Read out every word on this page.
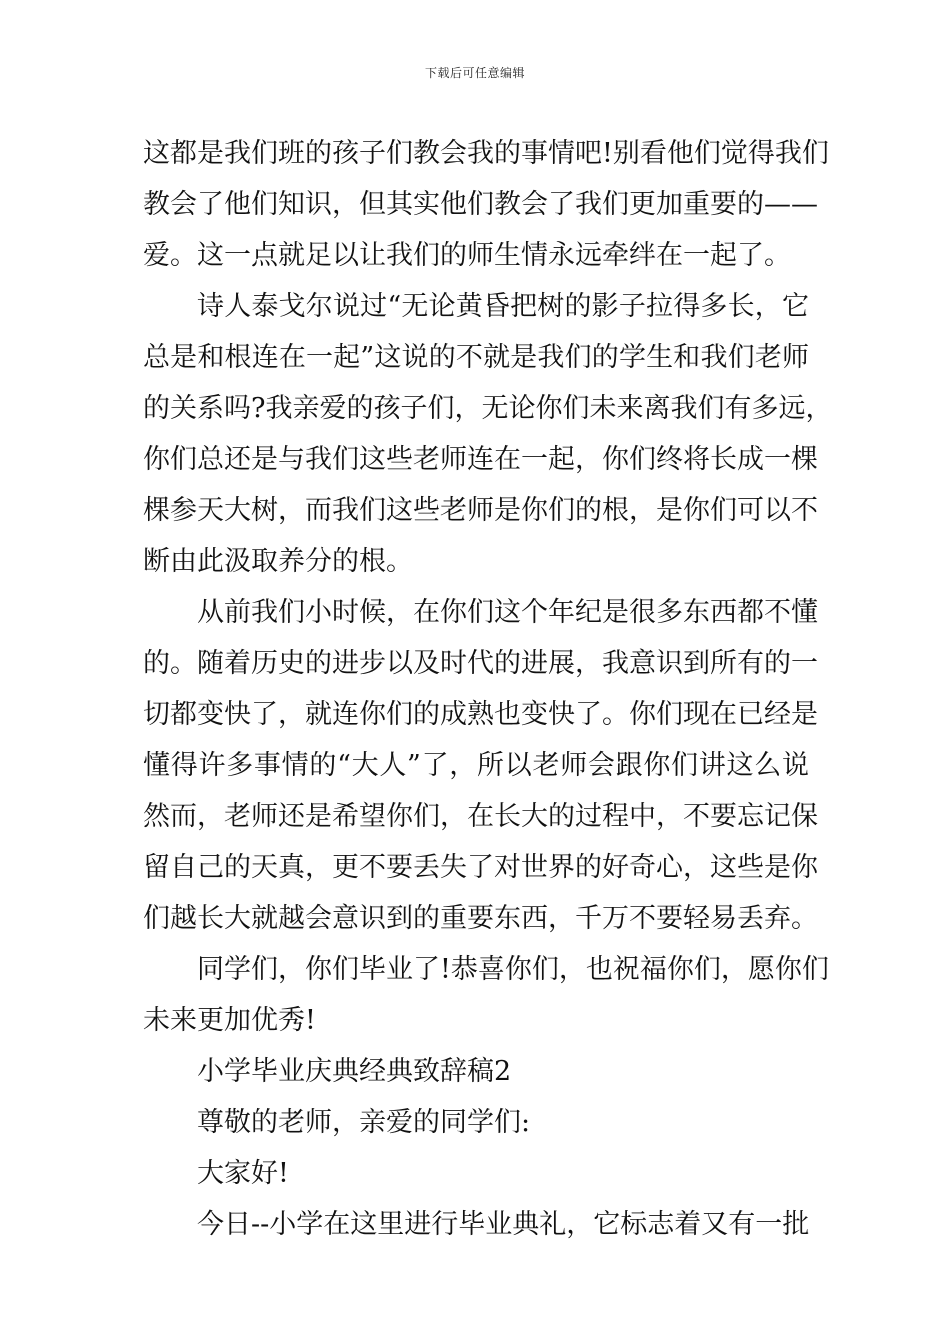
下载后可任意编辑
这都是我们班的孩子们教会我的事情吧!别看他们觉得我们
教会了他们知识，但其实他们教会了我们更加重要的——
爱。这一点就足以让我们的师生情永远牵绊在一起了。
诗人泰戈尔说过“无论黄昏把树的影子拉得多长，它
总是和根连在一起”这说的不就是我们的学生和我们老师
的关系吗?我亲爱的孩子们，无论你们未来离我们有多远，
你们总还是与我们这些老师连在一起，你们终将长成一棵
棵参天大树，而我们这些老师是你们的根，是你们可以不
断由此汲取养分的根。
从前我们小时候，在你们这个年纪是很多东西都不懂
的。随着历史的进步以及时代的进展，我意识到所有的一
切都变快了，就连你们的成熟也变快了。你们现在已经是
懂得许多事情的“大人”了，所以老师会跟你们讲这么说
然而，老师还是希望你们，在长大的过程中，不要忘记保
留自己的天真，更不要丢失了对世界的好奇心，这些是你
们越长大就越会意识到的重要东西，千万不要轻易丢弃。
同学们，你们毕业了!恭喜你们，也祝福你们，愿你们
未来更加优秀!
小学毕业庆典经典致辞稿2
尊敬的老师，亲爱的同学们:
大家好!
今日--小学在这里进行毕业典礼，它标志着又有一批
